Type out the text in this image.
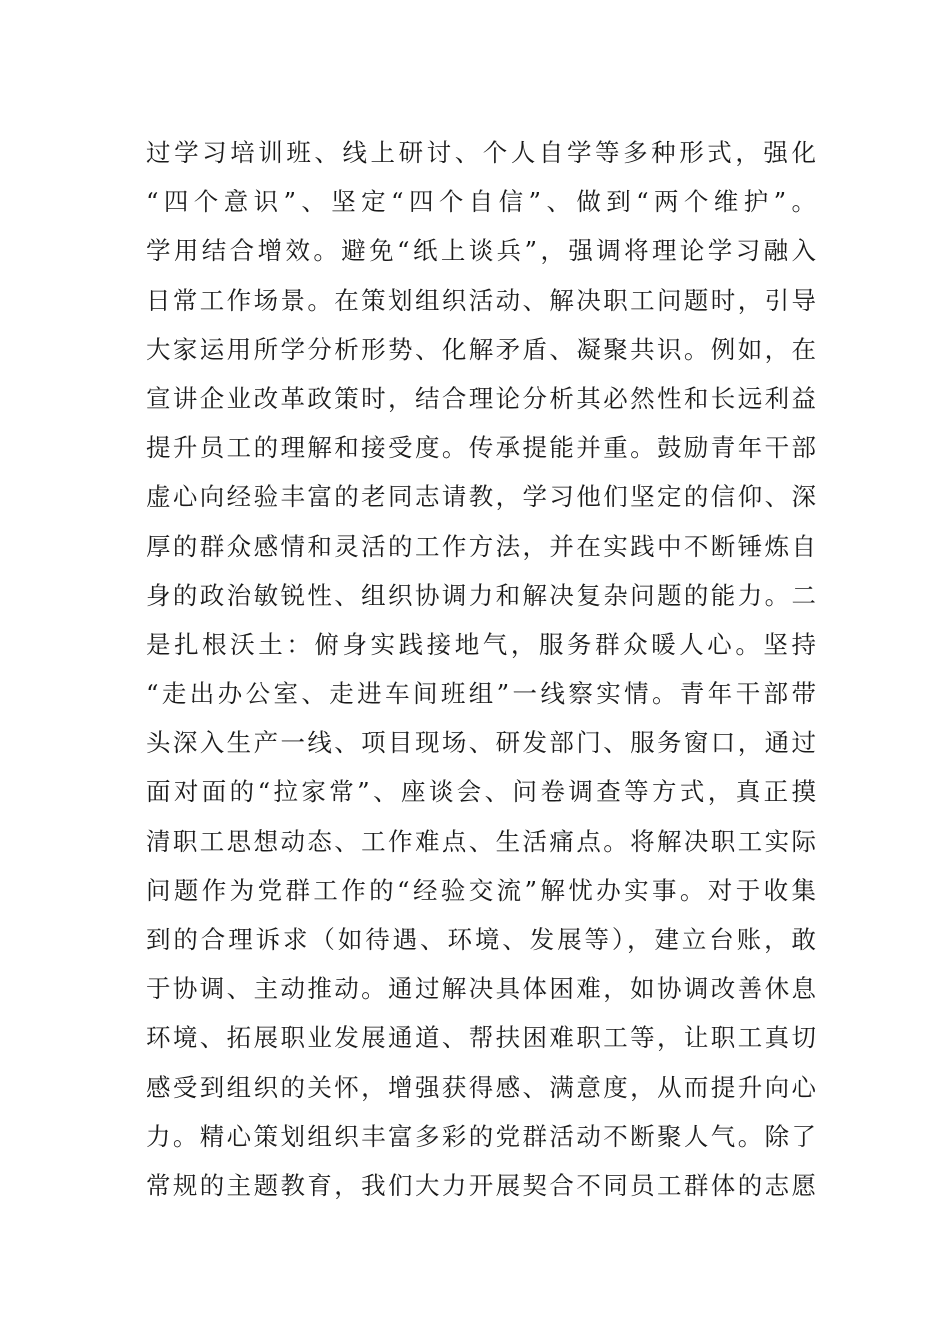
过学习培训班、线上研讨、个人自学等多种形式，强化
“四个意识”、坚定“四个自信”、做到“两个维护”。
学用结合增效。避免“纸上谈兵”，强调将理论学习融入
日常工作场景。在策划组织活动、解决职工问题时，引导
大家运用所学分析形势、化解矛盾、凝聚共识。例如，在
宣讲企业改革政策时，结合理论分析其必然性和长远利益
提升员工的理解和接受度。传承提能并重。鼓励青年干部
虚心向经验丰富的老同志请教，学习他们坚定的信仰、深
厚的群众感情和灵活的工作方法，并在实践中不断锤炼自
身的政治敏锐性、组织协调力和解决复杂问题的能力。二
是扎根沃土：俯身实践接地气，服务群众暖人心。坚持
“走出办公室、走进车间班组”一线察实情。青年干部带
头深入生产一线、项目现场、研发部门、服务窗口，通过
面对面的“拉家常”、座谈会、问卷调查等方式，真正摸
清职工思想动态、工作难点、生活痛点。将解决职工实际
问题作为党群工作的“经验交流”解忧办实事。对于收集
到的合理诉求（如待遇、环境、发展等），建立台账，敢
于协调、主动推动。通过解决具体困难，如协调改善休息
环境、拓展职业发展通道、帮扶困难职工等，让职工真切
感受到组织的关怀，增强获得感、满意度，从而提升向心
力。精心策划组织丰富多彩的党群活动不断聚人气。除了
常规的主题教育，我们大力开展契合不同员工群体的志愿
